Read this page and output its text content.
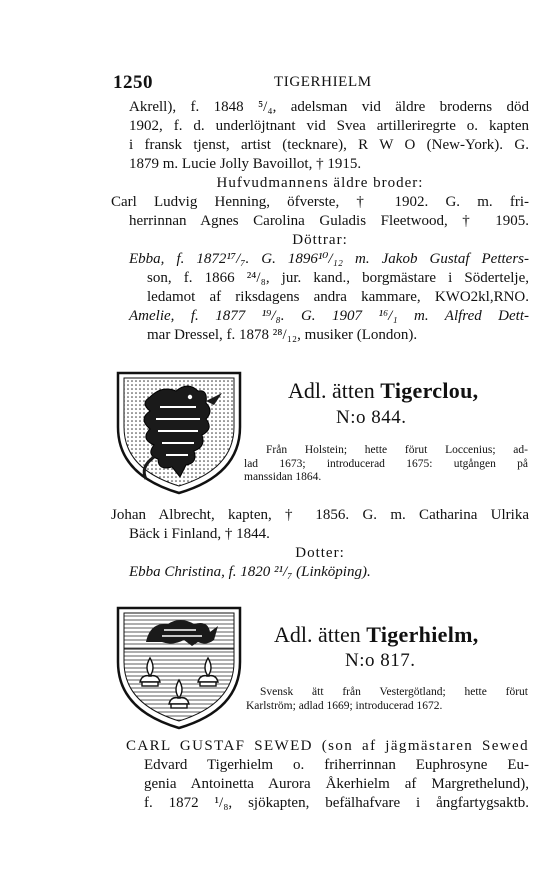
1250	TIGERHIELM
Akrell), f. 1848 ⁵/₄, adelsman vid äldre broderns död
1902, f. d. underlöjtnant vid Svea artilleriregrte o. kapten
i fransk tjenst, artist (tecknare), R W O (New-York). G.
1879 m. Lucie Jolly Bavoillot, † 1915.
Hufvudmannens äldre broder:
Carl Ludvig Henning, öfverste, † 1902. G. m. fri-
herrinnan Agnes Carolina Guladis Fleetwood, † 1905.
Döttrar:
Ebba, f. 1872¹⁷/₇. G. 1896¹⁰/₁₂ m. Jakob Gustaf Petters-
son, f. 1866 ²⁴/₈, jur. kand., borgmästare i Södertelje,
ledamot af riksdagens andra kammare, KWO2kl,RNO.
Amelie, f. 1877 ¹⁹/₈. G. 1907 ¹⁶/₁ m. Alfred Dett-
mar Dressel, f. 1878 ²⁸/₁₂, musiker (London).
Adl. ätten Tigerclou,
N:o 844.
Från Holstein; hette förut Loccenius; ad-
lad 1673; introducerad 1675: utgången på
manssidan 1864.
Johan Albrecht, kapten, † 1856. G. m. Catharina Ulrika
Bäck i Finland, † 1844.
Dotter:
Ebba Christina, f. 1820 ²¹/₇ (Linköping).
Adl. ätten Tigerhielm,
N:o 817.
Svensk ätt från Vestergötland; hette förut
Karlström; adlad 1669; introducerad 1672.
CARL GUSTAF SEWED (son af jägmästaren Sewed
Edvard Tigerhielm o. friherrinnan Euphrosyne Eu-
genia Antoinetta Aurora Åkerhielm af Margrethelund),
f. 1872 ¹/₈, sjökapten, befälhafvare i ångfartygsaktb.
